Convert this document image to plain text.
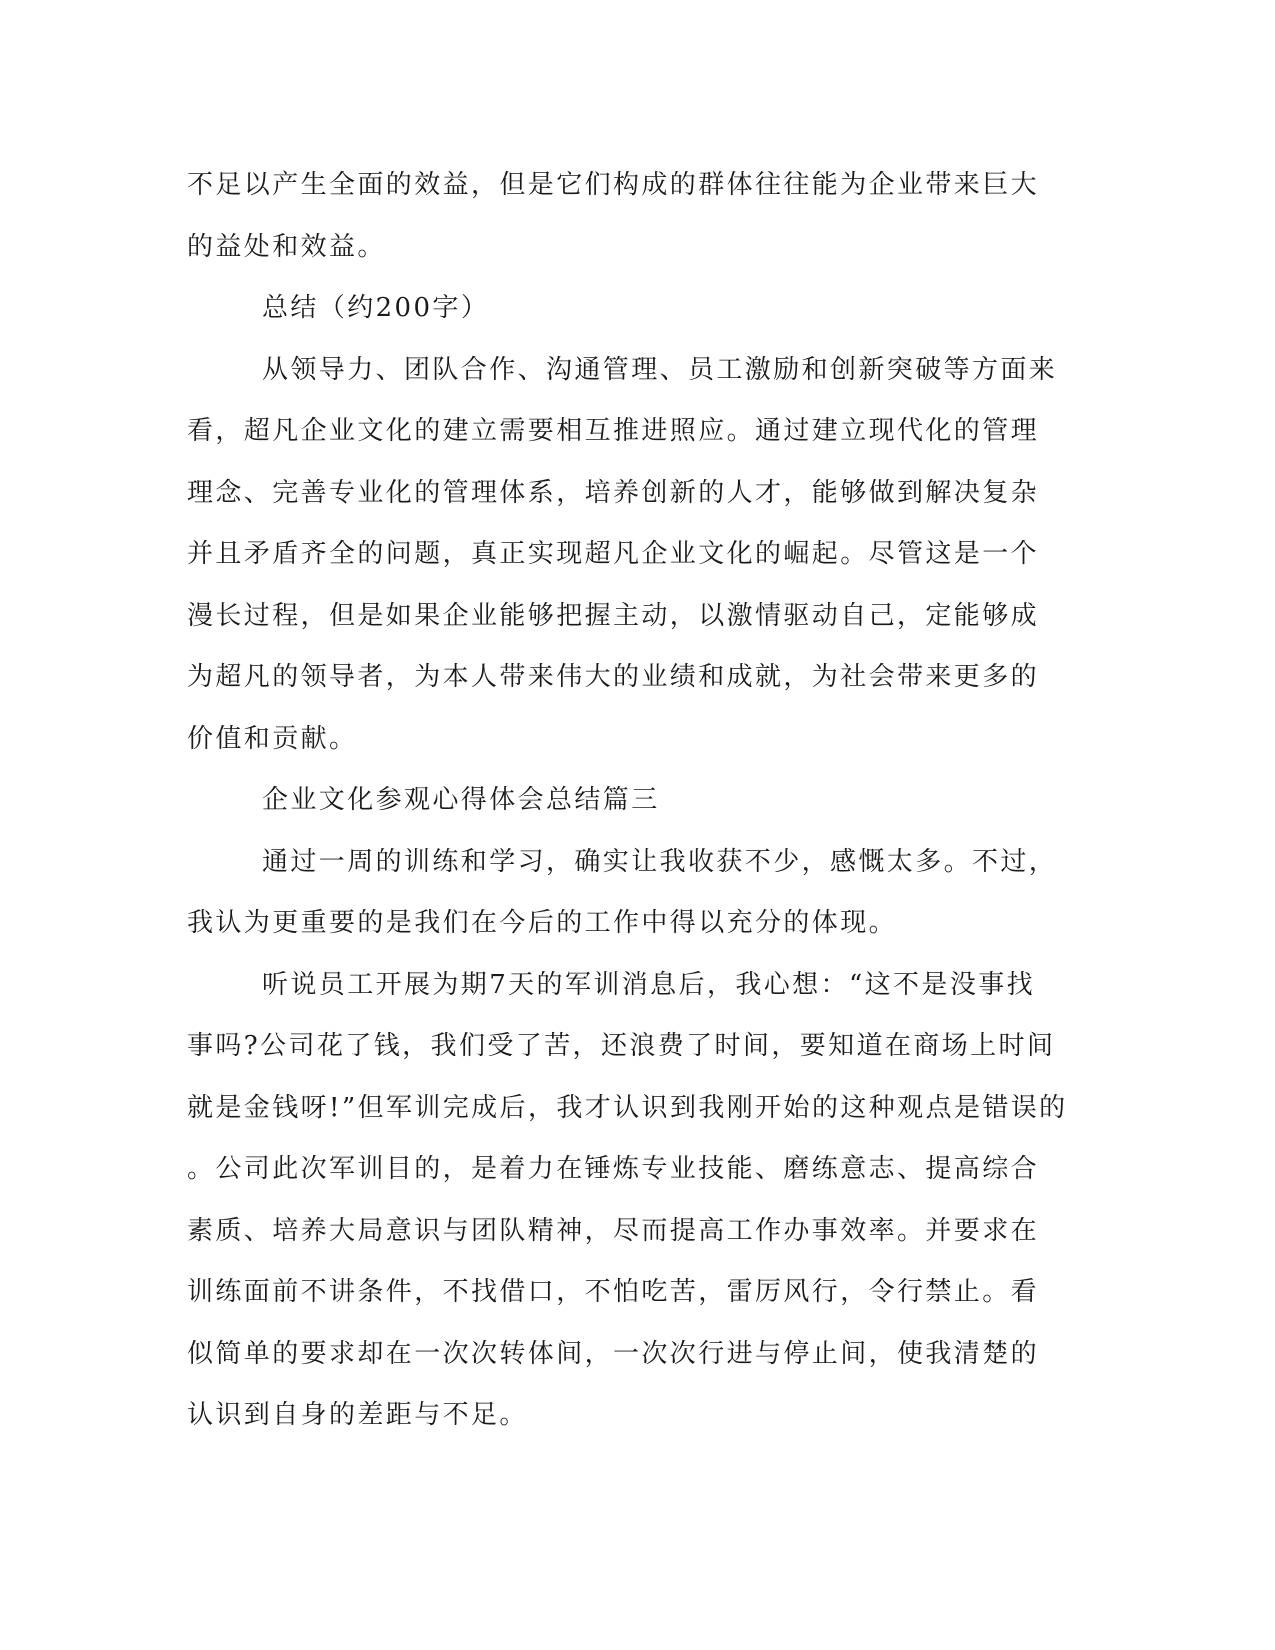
不足以产生全面的效益，但是它们构成的群体往往能为企业带来巨大
的益处和效益。
总结（约200字）
从领导力、团队合作、沟通管理、员工激励和创新突破等方面来
看，超凡企业文化的建立需要相互推进照应。通过建立现代化的管理
理念、完善专业化的管理体系，培养创新的人才，能够做到解决复杂
并且矛盾齐全的问题，真正实现超凡企业文化的崛起。尽管这是一个
漫长过程，但是如果企业能够把握主动，以激情驱动自己，定能够成
为超凡的领导者，为本人带来伟大的业绩和成就，为社会带来更多的
价值和贡献。
企业文化参观心得体会总结篇三
通过一周的训练和学习，确实让我收获不少，感慨太多。不过，
我认为更重要的是我们在今后的工作中得以充分的体现。
听说员工开展为期7天的军训消息后，我心想：“这不是没事找
事吗?公司花了钱，我们受了苦，还浪费了时间，要知道在商场上时间
就是金钱呀!”但军训完成后，我才认识到我刚开始的这种观点是错误的
。公司此次军训目的，是着力在锤炼专业技能、磨练意志、提高综合
素质、培养大局意识与团队精神，尽而提高工作办事效率。并要求在
训练面前不讲条件，不找借口，不怕吃苦，雷厉风行，令行禁止。看
似简单的要求却在一次次转体间，一次次行进与停止间，使我清楚的
认识到自身的差距与不足。
